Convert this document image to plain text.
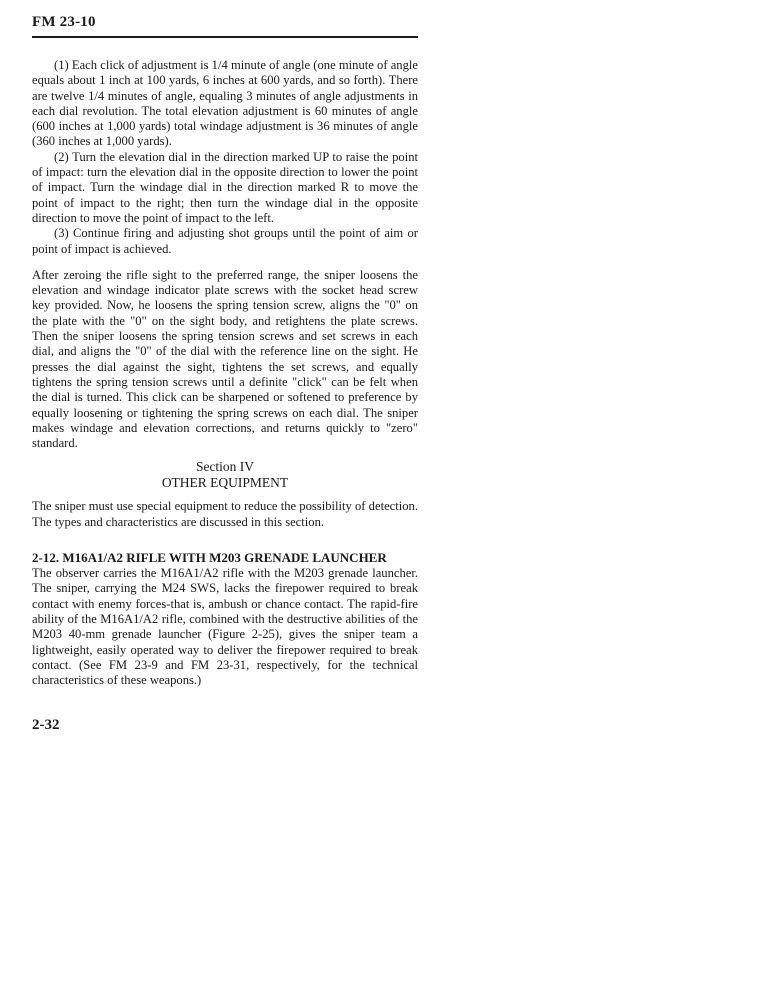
FM 23-10

(1) Each click of adjustment is 1/4 minute of angle (one minute of angle equals about 1 inch at 100 yards, 6 inches at 600 yards, and so forth). There are twelve 1/4 minutes of angle, equaling 3 minutes of angle adjustments in each dial revolution. The total elevation adjustment is 60 minutes of angle (600 inches at 1,000 yards) total windage adjustment is 36 minutes of angle (360 inches at 1,000 yards).

(2) Turn the elevation dial in the direction marked UP to raise the point of impact: turn the elevation dial in the opposite direction to lower the point of impact. Turn the windage dial in the direction marked R to move the point of impact to the right; then turn the windage dial in the opposite direction to move the point of impact to the left.

(3) Continue firing and adjusting shot groups until the point of aim or point of impact is achieved.

After zeroing the rifle sight to the preferred range, the sniper loosens the elevation and windage indicator plate screws with the socket head screw key provided. Now, he loosens the spring tension screw, aligns the "0" on the plate with the "0" on the sight body, and retightens the plate screws. Then the sniper loosens the spring tension screws and set screws in each dial, and aligns the "0" of the dial with the reference line on the sight. He presses the dial against the sight, tightens the set screws, and equally tightens the spring tension screws until a definite "click" can be felt when the dial is turned. This click can be sharpened or softened to preference by equally loosening or tightening the spring screws on each dial. The sniper makes windage and elevation corrections, and returns quickly to "zero" standard.

Section IV
OTHER EQUIPMENT

The sniper must use special equipment to reduce the possibility of detection. The types and characteristics are discussed in this section.

2-12. M16A1/A2 RIFLE WITH M203 GRENADE LAUNCHER

The observer carries the M16A1/A2 rifle with the M203 grenade launcher. The sniper, carrying the M24 SWS, lacks the firepower required to break contact with enemy forces-that is, ambush or chance contact. The rapid-fire ability of the M16A1/A2 rifle, combined with the destructive abilities of the M203 40-mm grenade launcher (Figure 2-25), gives the sniper team a lightweight, easily operated way to deliver the firepower required to break contact. (See FM 23-9 and FM 23-31, respectively, for the technical characteristics of these weapons.)

2-32
